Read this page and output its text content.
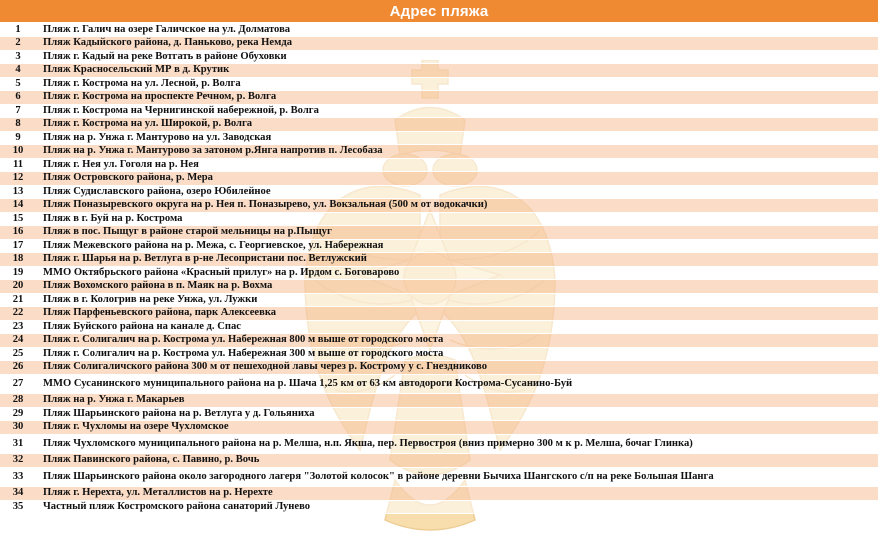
Адрес пляжа
1	Пляж г. Галич на озере Галичское на ул. Долматова
2	Пляж Кадыйского района, д. Паньково, река Немда
3	Пляж г. Кадый на реке Вотгать в районе Обуховки
4	Пляж Красносельский МР в д. Крутик
5	Пляж г. Кострома на ул. Лесной, р. Волга
6	Пляж г. Кострома на проспекте Речном, р. Волга
7	Пляж г. Кострома на Чернигинской набережной, р. Волга
8	Пляж г. Кострома на ул. Широкой, р. Волга
9	Пляж на р. Унжа г. Мантурово на ул. Заводская
10	Пляж на р. Унжа г. Мантурово за затоном р.Янга напротив п. Лесобаза
11	Пляж г. Нея ул. Гоголя на р. Нея
12	Пляж Островского района, р. Мера
13	Пляж Судиславского района, озеро Юбилейное
14	Пляж Поназыревского округа на р. Нея п. Поназырево, ул. Вокзальная (500 м от водокачки)
15	Пляж в г. Буй на р. Кострома
16	Пляж в пос. Пыщуг в районе старой мельницы на р.Пыщуг
17	Пляж Межевского района на р. Межа, с. Георгиевское, ул. Набережная
18	Пляж г. Шарья на р. Ветлуга в р-не Лесопристани пос. Ветлужский
19	ММО Октябрьского района «Красный прилуг» на р. Ирдом с. Боговарово
20	Пляж Вохомского района в п. Маяк на р. Вохма
21	Пляж в г. Кологрив на реке Унжа, ул. Лужки
22	Пляж Парфеньевского района, парк Алексеевка
23	Пляж Буйского района на канале д. Спас
24	Пляж г. Солигалич на р. Кострома ул. Набережная 800 м выше от городского моста
25	Пляж г. Солигалич на р. Кострома ул. Набережная 300 м выше от городского моста
26	Пляж Солигаличского района 300 м от пешеходной лавы через р. Кострому у с. Гнездниково
27	ММО Сусанинского муниципального района на р. Шача 1,25 км от 63 км автодороги Кострома-Сусанино-Буй
28	Пляж на р. Унжа г. Макарьев
29	Пляж Шарьинского района на р. Ветлуга у д. Гольянихa
30	Пляж г. Чухломы на озере Чухломское
31	Пляж Чухломского муниципального района на р. Мелша, н.п. Якша, пер. Первостроя (вниз примерно 300 м к р. Мелша, бочаг Глинка)
32	Пляж Павинского района, с. Павино, р. Вочь
33	Пляж Шарьинского района около загородного лагеря "Золотой колосок" в районе деревни Бычиха Шангского с/п на реке Большая Шанга
34	Пляж г. Нерехта, ул. Металлистов на р. Нерехте
35	Частный пляж Костромского района санаторий Лунево
